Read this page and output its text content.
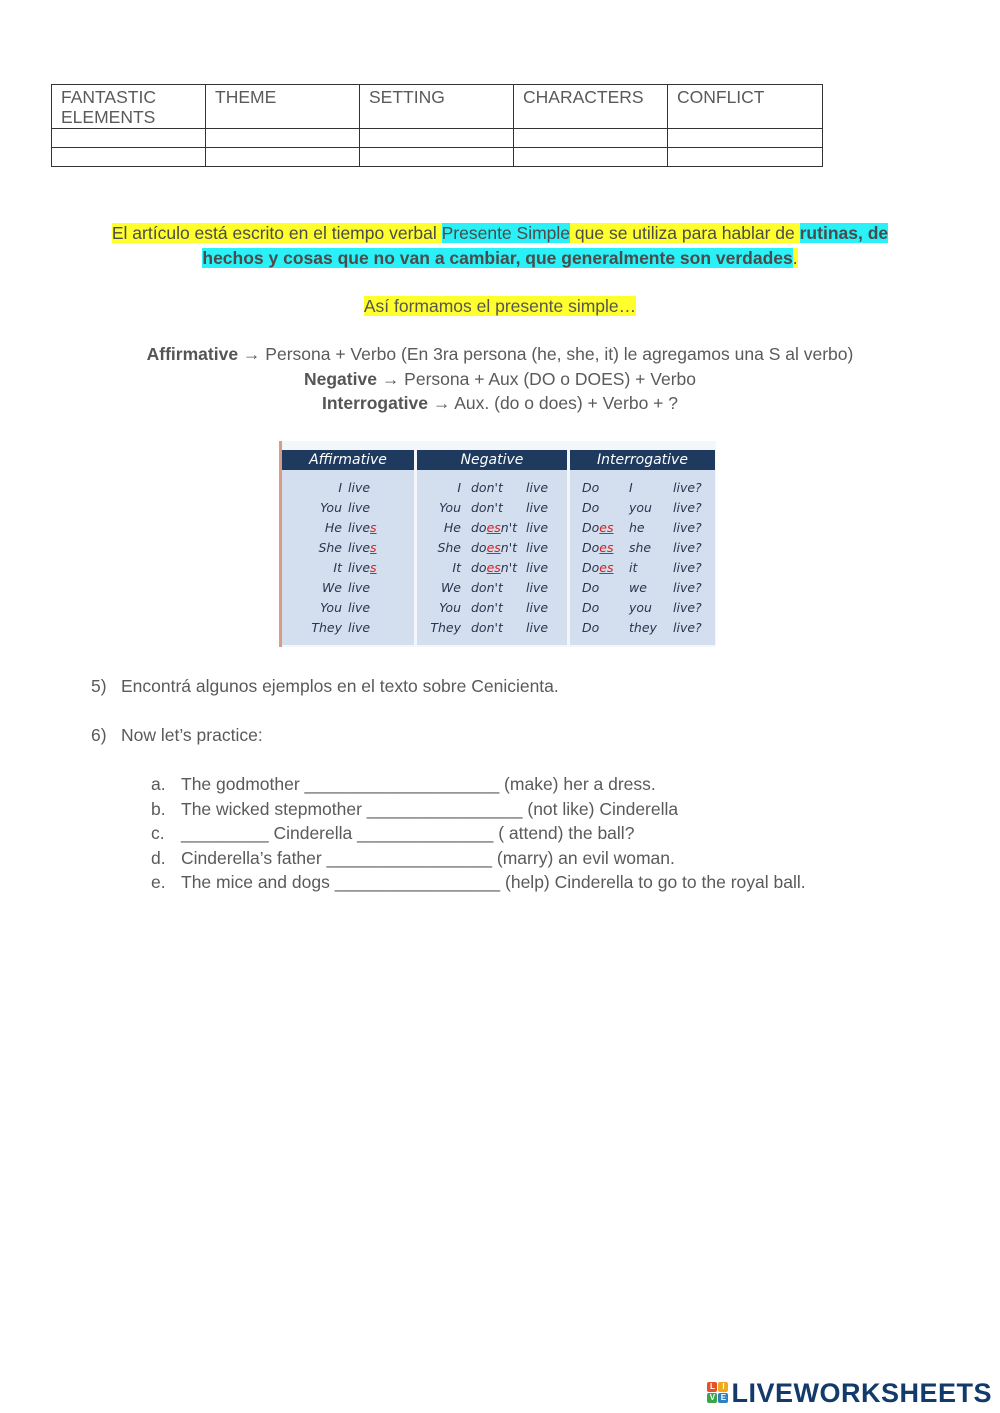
FANTASTIC ELEMENTS	THEME	SETTING	CHARACTERS	CONFLICT

El artículo está escrito en el tiempo verbal Presente Simple que se utiliza para hablar de rutinas, de hechos y cosas que no van a cambiar, que generalmente son verdades.
Así formamos el presente simple…
Affirmative → Persona + Verbo (En 3ra persona (he, she, it) le agregamos una S al verbo)
Negative → Persona + Aux (DO o DOES) + Verbo
Interrogative → Aux. (do o does) + Verbo + ?
Affirmative	Negative	Interrogative
I live	I don't	live	Do	I	live?
You live	You don't	live	Do	you	live?
He lives	He doesn't live	Does	he	live?
She lives	She doesn't live	Does	she	live?
It lives	It doesn't live	Does	it	live?
We live	We don't	live	Do	we	live?
You live	You don't	live	Do	you	live?
They live	They don't	live	Do	they	live?
5) Encontrá algunos ejemplos en el texto sobre Cenicienta.
6) Now let’s practice:
a. The godmother ____________________ (make) her a dress.
b. The wicked stepmother ________________ (not like) Cinderella
c. _________ Cinderella ______________ ( attend) the ball?
d. Cinderella’s father _________________ (marry) an evil woman.
e. The mice and dogs _________________ (help) Cinderella to go to the royal ball.
L I
V E LIVEWORKSHEETS
